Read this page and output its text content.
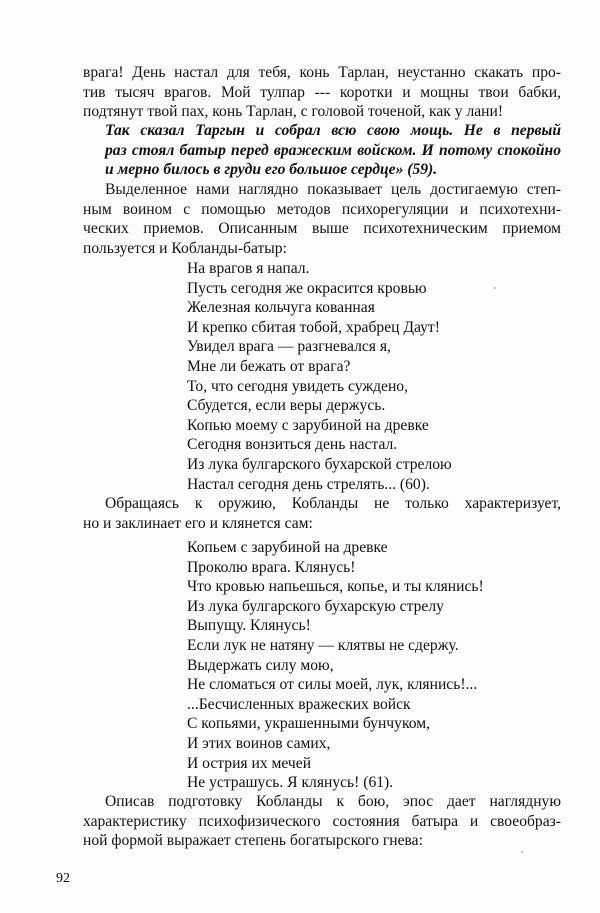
врага! День настал для тебя, конь Тарлан, неустанно скакать про-

тив тысяч врагов. Мой тулпар --- коротки и мощны твои бабки,

подтянут твой пах, конь Тарлан, с головой точеной, как у лани!

Так сказал Таргын и собрал всю свою мощь. Не в первый

раз стоял батыр перед вражеским войском. И потому спокойно

и мерно билось в груди его большое сердце» (59).

Выделенное нами наглядно показывает цель достигаемую степ-

ным воином с помощью методов психорегуляции и психотехни-

ческих приемов. Описанным выше психотехническим приемом

пользуется и Кобланды-батыр:

На врагов я напал.
Пусть сегодня же окрасится кровью
Железная кольчуга кованная
И крепко сбитая тобой, храбрец Даут!
Увидел врага — разгневался я,
Мне ли бежать от врага?
То, что сегодня увидеть суждено,
Сбудется, если веры держусь.
Копью моему с зарубиной на древке
Сегодня вонзиться день настал.
Из лука булгарского бухарской стрелою
Настал сегодня день стрелять... (60).

Обращаясь к оружию, Кобланды не только характеризует,

но и заклинает его и клянется сам:

Копьем с зарубиной на древке
Проколю врага. Клянусь!
Что кровью напьешься, копье, и ты клянись!
Из лука булгарского бухарскую стрелу
Выпущу. Клянусь!
Если лук не натяну — клятвы не сдержу.
Выдержать силу мою,
Не сломаться от силы моей, лук, клянись!...
...Бесчисленных вражеских войск
С копьями, украшенными бунчуком,
И этих воинов самих,
И острия их мечей
Не устрашусь. Я клянусь! (61).

Описав подготовку Кобланды к бою, эпос дает наглядную

характеристику психофизического состояния батыра и своеобраз-

ной формой выражает степень богатырского гнева:

92
